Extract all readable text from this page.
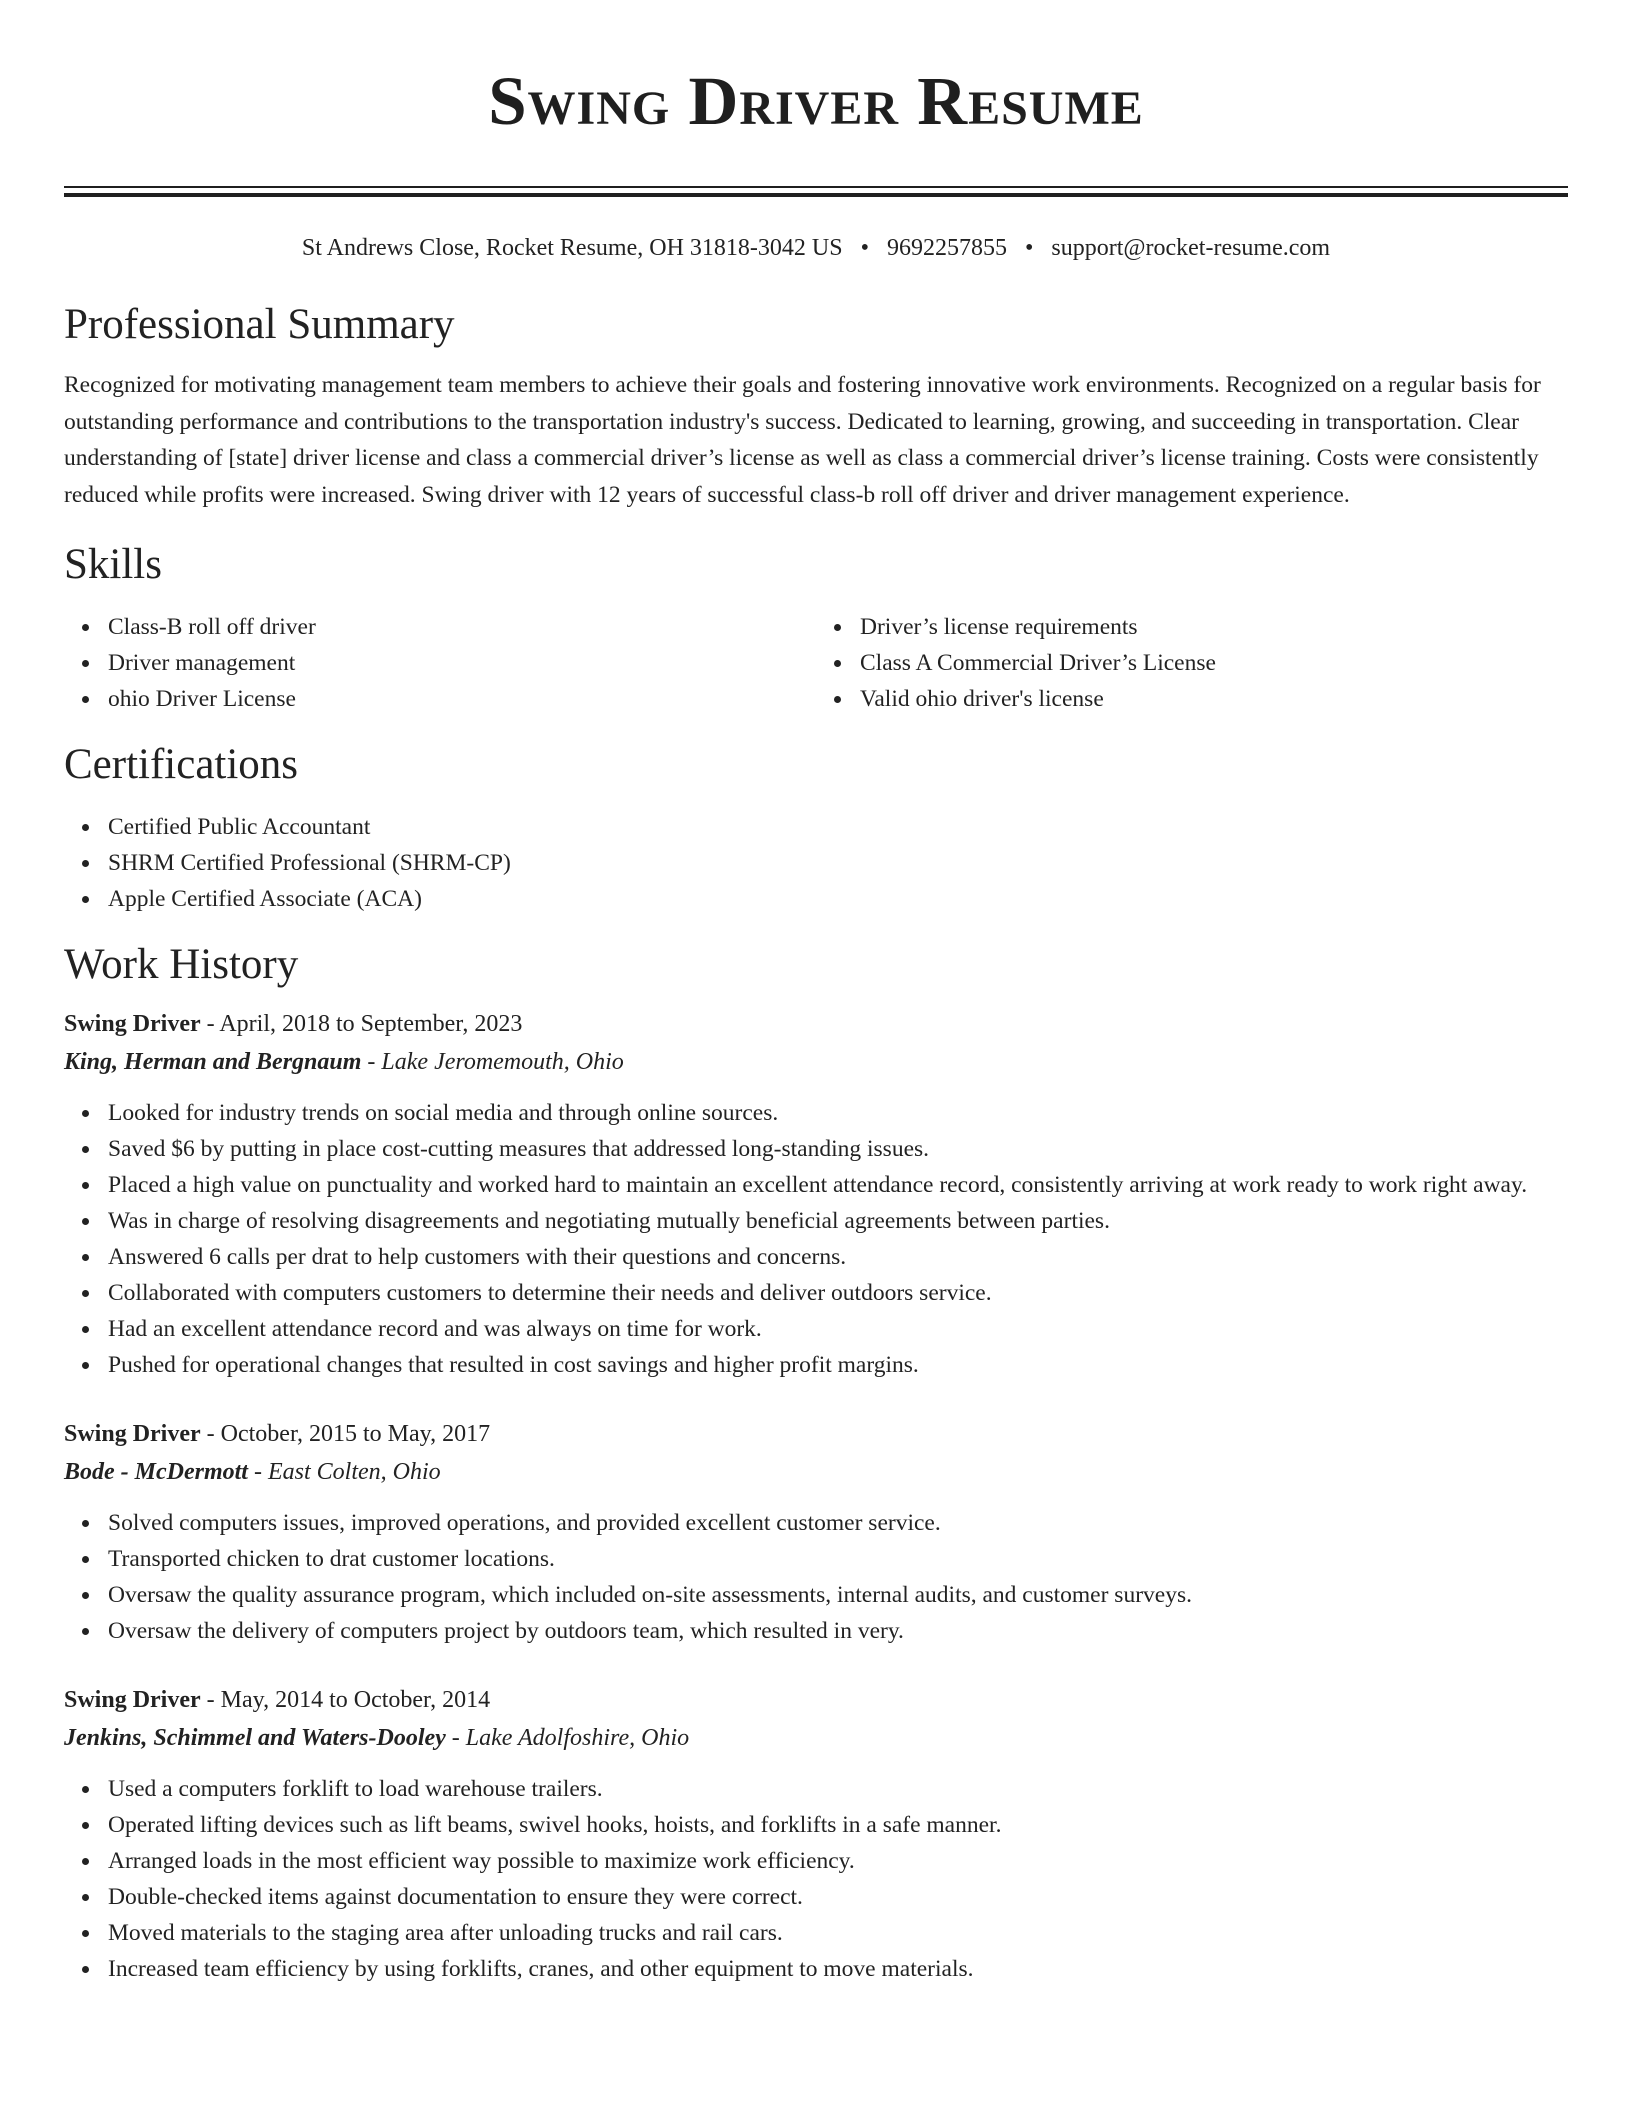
Swing Driver Resume
St Andrews Close, Rocket Resume, OH 31818-3042 US • 9692257855 • support@rocket-resume.com
Professional Summary

Recognized for motivating management team members to achieve their goals and fostering innovative work environments. Recognized on a regular basis for outstanding performance and contributions to the transportation industry's success. Dedicated to learning, growing, and succeeding in transportation. Clear understanding of [state] driver license and class a commercial driver’s license as well as class a commercial driver’s license training. Costs were consistently reduced while profits were increased. Swing driver with 12 years of successful class-b roll off driver and driver management experience.

Skills
Class-B roll off driver
Driver management
ohio Driver License
Driver’s license requirements
Class A Commercial Driver’s License
Valid ohio driver's license
Certifications
Certified Public Accountant
SHRM Certified Professional (SHRM-CP)
Apple Certified Associate (ACA)
Work History
Swing Driver - April, 2018 to September, 2023
King, Herman and Bergnaum - Lake Jeromemouth, Ohio
Looked for industry trends on social media and through online sources.
Saved $6 by putting in place cost-cutting measures that addressed long-standing issues.
Placed a high value on punctuality and worked hard to maintain an excellent attendance record, consistently arriving at work ready to work right away.
Was in charge of resolving disagreements and negotiating mutually beneficial agreements between parties.
Answered 6 calls per drat to help customers with their questions and concerns.
Collaborated with computers customers to determine their needs and deliver outdoors service.
Had an excellent attendance record and was always on time for work.
Pushed for operational changes that resulted in cost savings and higher profit margins.
Swing Driver - October, 2015 to May, 2017
Bode - McDermott - East Colten, Ohio
Solved computers issues, improved operations, and provided excellent customer service.
Transported chicken to drat customer locations.
Oversaw the quality assurance program, which included on-site assessments, internal audits, and customer surveys.
Oversaw the delivery of computers project by outdoors team, which resulted in very.
Swing Driver - May, 2014 to October, 2014
Jenkins, Schimmel and Waters-Dooley - Lake Adolfoshire, Ohio
Used a computers forklift to load warehouse trailers.
Operated lifting devices such as lift beams, swivel hooks, hoists, and forklifts in a safe manner.
Arranged loads in the most efficient way possible to maximize work efficiency.
Double-checked items against documentation to ensure they were correct.
Moved materials to the staging area after unloading trucks and rail cars.
Increased team efficiency by using forklifts, cranes, and other equipment to move materials.
